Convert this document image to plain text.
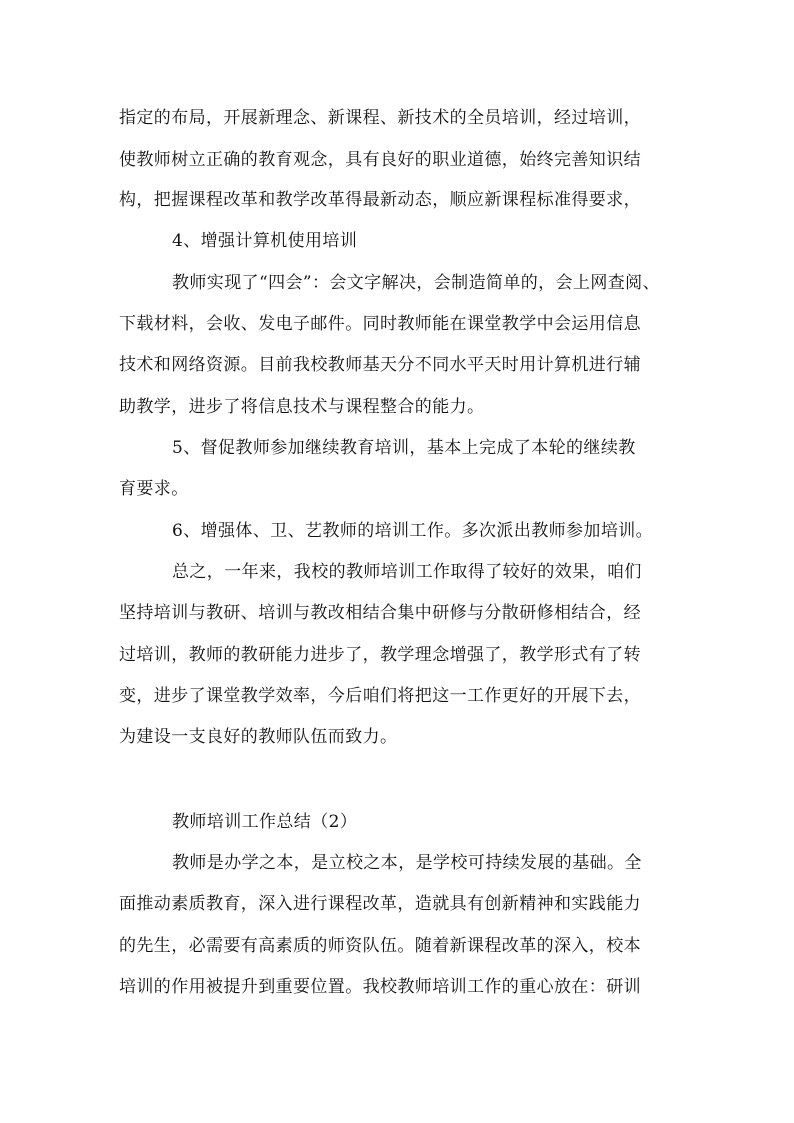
指定的布局，开展新理念、新课程、新技术的全员培训，经过培训，
使教师树立正确的教育观念，具有良好的职业道德，始终完善知识结
构，把握课程改革和教学改革得最新动态，顺应新课程标准得要求，
4、增强计算机使用培训
教师实现了“四会”：会文字解决，会制造简单的，会上网查阅、
下载材料，会收、发电子邮件。同时教师能在课堂教学中会运用信息
技术和网络资源。目前我校教师基天分不同水平天时用计算机进行辅
助教学，进步了将信息技术与课程整合的能力。
5、督促教师参加继续教育培训，基本上完成了本轮的继续教
育要求。
6、增强体、卫、艺教师的培训工作。多次派出教师参加培训。
总之，一年来，我校的教师培训工作取得了较好的效果，咱们
坚持培训与教研、培训与教改相结合集中研修与分散研修相结合，经
过培训，教师的教研能力进步了，教学理念增强了，教学形式有了转
变，进步了课堂教学效率，今后咱们将把这一工作更好的开展下去，
为建设一支良好的教师队伍而致力。
教师培训工作总结（2）
教师是办学之本，是立校之本，是学校可持续发展的基础。全
面推动素质教育，深入进行课程改革，造就具有创新精神和实践能力
的先生，必需要有高素质的师资队伍。随着新课程改革的深入，校本
培训的作用被提升到重要位置。我校教师培训工作的重心放在：研训
